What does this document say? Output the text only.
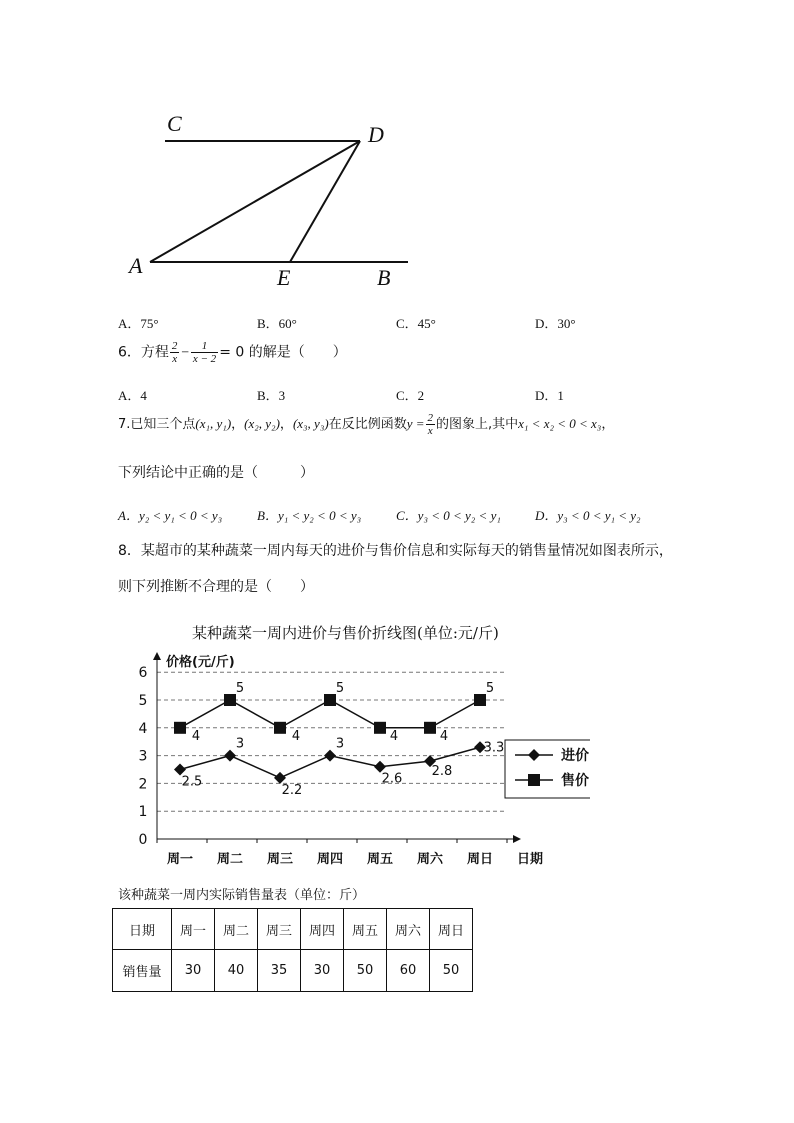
C	D
A	E	B
A．75°	B．60°	C．45°	D．30°
6．方程 $\frac{2}{x} - \frac{1}{x - 2} = 0$ 的解是（　　）
A．4	B．3	C．2	D．1
7.已知三个点(x₁, y₁)，(x₂, y₂)，(x₃, y₃)在反比例函数$y = \frac{2}{x}$ 的图象上,其中x₁ < x₂ < 0 < x₃，
下列结论中正确的是（　　　）
A．y₂ < y₁ < 0 < y₃	B．y₁ < y₂ < 0 < y₃	C．y₃ < 0 < y₂ < y₁	D．y₃ < 0 < y₁ < y₂
8．某超市的某种蔬菜一周内每天的进价与售价信息和实际每天的销售量情况如图表所示，
则下列推断不合理的是（　　）
某种蔬菜一周内进价与售价折线图(单位:元/斤)
0
1
2
3
4
5
6
价格(元/斤)
周一 周二 周三 周四 周五 周六 周日 日期
2.5
3
2.2
3
2.6
2.8
3.3
4
5
4
5
4	4
5
进价
售价
该种蔬菜一周内实际销售量表（单位：斤）
日期	周一	周二	周三	周四	周五	周六	周日
销售量	30	40	35	30	50	60	50
